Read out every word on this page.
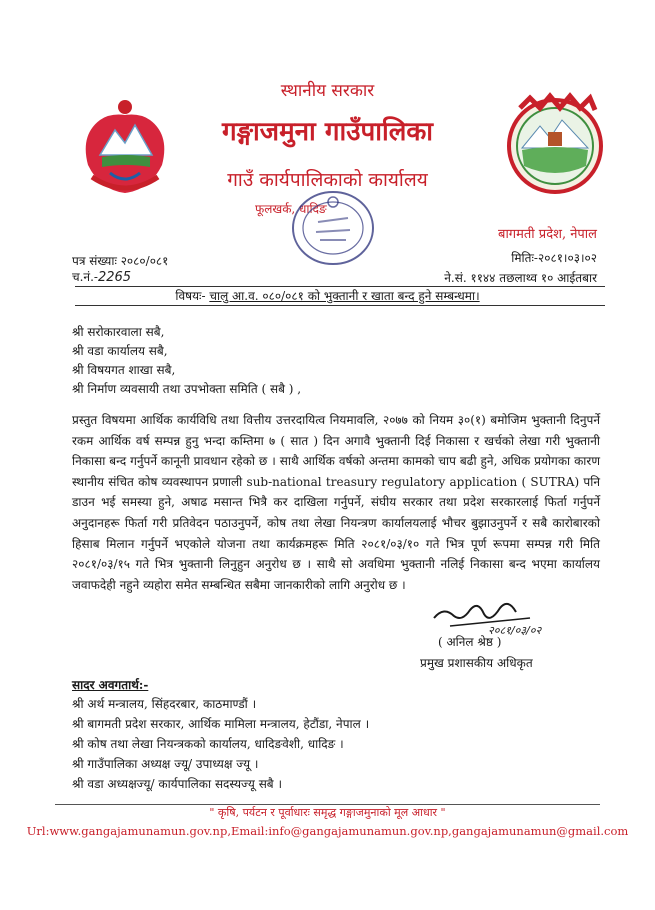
स्थानीय सरकार
गङ्गाजमुना गाउँपालिका
गाउँ कार्यपालिकाको कार्यालय
फूलखर्क, धादिङ
बागमती प्रदेश, नेपाल
पत्र संख्याः २०८०/०८१	मितिः-२०८१।०३।०२
च.नं.-2265	ने.सं. ११४४ तछलाथ्व १० आईतबार
विषयः- चालु आ.व. ०८०/०८१ को भुक्तानी र खाता बन्द हुने सम्बन्धमा।
श्री सरोकारवाला सबै,
श्री वडा कार्यालय सबै,
श्री विषयगत शाखा सबै,
श्री निर्माण व्यवसायी तथा उपभोक्ता समिति ( सबै ) ,
प्रस्तुत विषयमा आर्थिक कार्यविधि तथा वित्तीय उत्तरदायित्व नियमावलि, २०७७ को नियम ३०(१) बमोजिम भुक्तानी दिनुपर्ने रकम आर्थिक वर्ष सम्पन्न हुनु भन्दा कम्तिमा ७ ( सात ) दिन अगावै भुक्तानी दिई निकासा र खर्चको लेखा गरी भुक्तानी निकासा बन्द गर्नुपर्ने कानूनी प्रावधान रहेको छ । साथै आर्थिक वर्षको अन्तमा कामको चाप बढी हुने, अधिक प्रयोगका कारण स्थानीय संचित कोष व्यवस्थापन प्रणाली sub-national treasury regulatory application ( SUTRA) पनि डाउन भई समस्या हुने, अषाढ मसान्त भित्रै कर दाखिला गर्नुपर्ने, संघीय सरकार तथा प्रदेश सरकारलाई फिर्ता गर्नुपर्ने अनुदानहरू फिर्ता गरी प्रतिवेदन पठाउनुपर्ने, कोष तथा लेखा नियन्त्रण कार्यालयलाई भौचर बुझाउनुपर्ने र सबै कारोबारको हिसाब मिलान गर्नुपर्ने भएकोले योजना तथा कार्यक्रमहरू मिति २०८१/०३/१० गते भित्र पूर्ण रूपमा सम्पन्न गरी मिति २०८१/०३/१५ गते भित्र भुक्तानी लिनुहुन अनुरोध छ । साथै सो अवधिमा भुक्तानी नलिई निकासा बन्द भएमा कार्यालय जवाफदेही नहुने व्यहोरा समेत सम्बन्धित सबैमा जानकारीको लागि अनुरोध छ ।
२०८१/०३/०२
( अनिल श्रेष्ठ )
प्रमुख प्रशासकीय अधिकृत
सादर अवगतार्थ:-
श्री अर्थ मन्त्रालय, सिंहदरबार, काठमाण्डौं ।
श्री बागमती प्रदेश सरकार, आर्थिक मामिला मन्त्रालय, हेटौंडा, नेपाल ।
श्री कोष तथा लेखा नियन्त्रकको कार्यालय, धादिङवेशी, धादिङ ।
श्री गाउँपालिका अध्यक्ष ज्यू/ उपाध्यक्ष ज्यू ।
श्री वडा अध्यक्षज्यू/ कार्यपालिका सदस्यज्यू सबै ।
" कृषि, पर्यटन र पूर्वाधारः समृद्ध गङ्गाजमुनाको मूल आधार "
Url:www.gangajamunamun.gov.np,Email:info@gangajamunamun.gov.np,gangajamunamun@gmail.com
